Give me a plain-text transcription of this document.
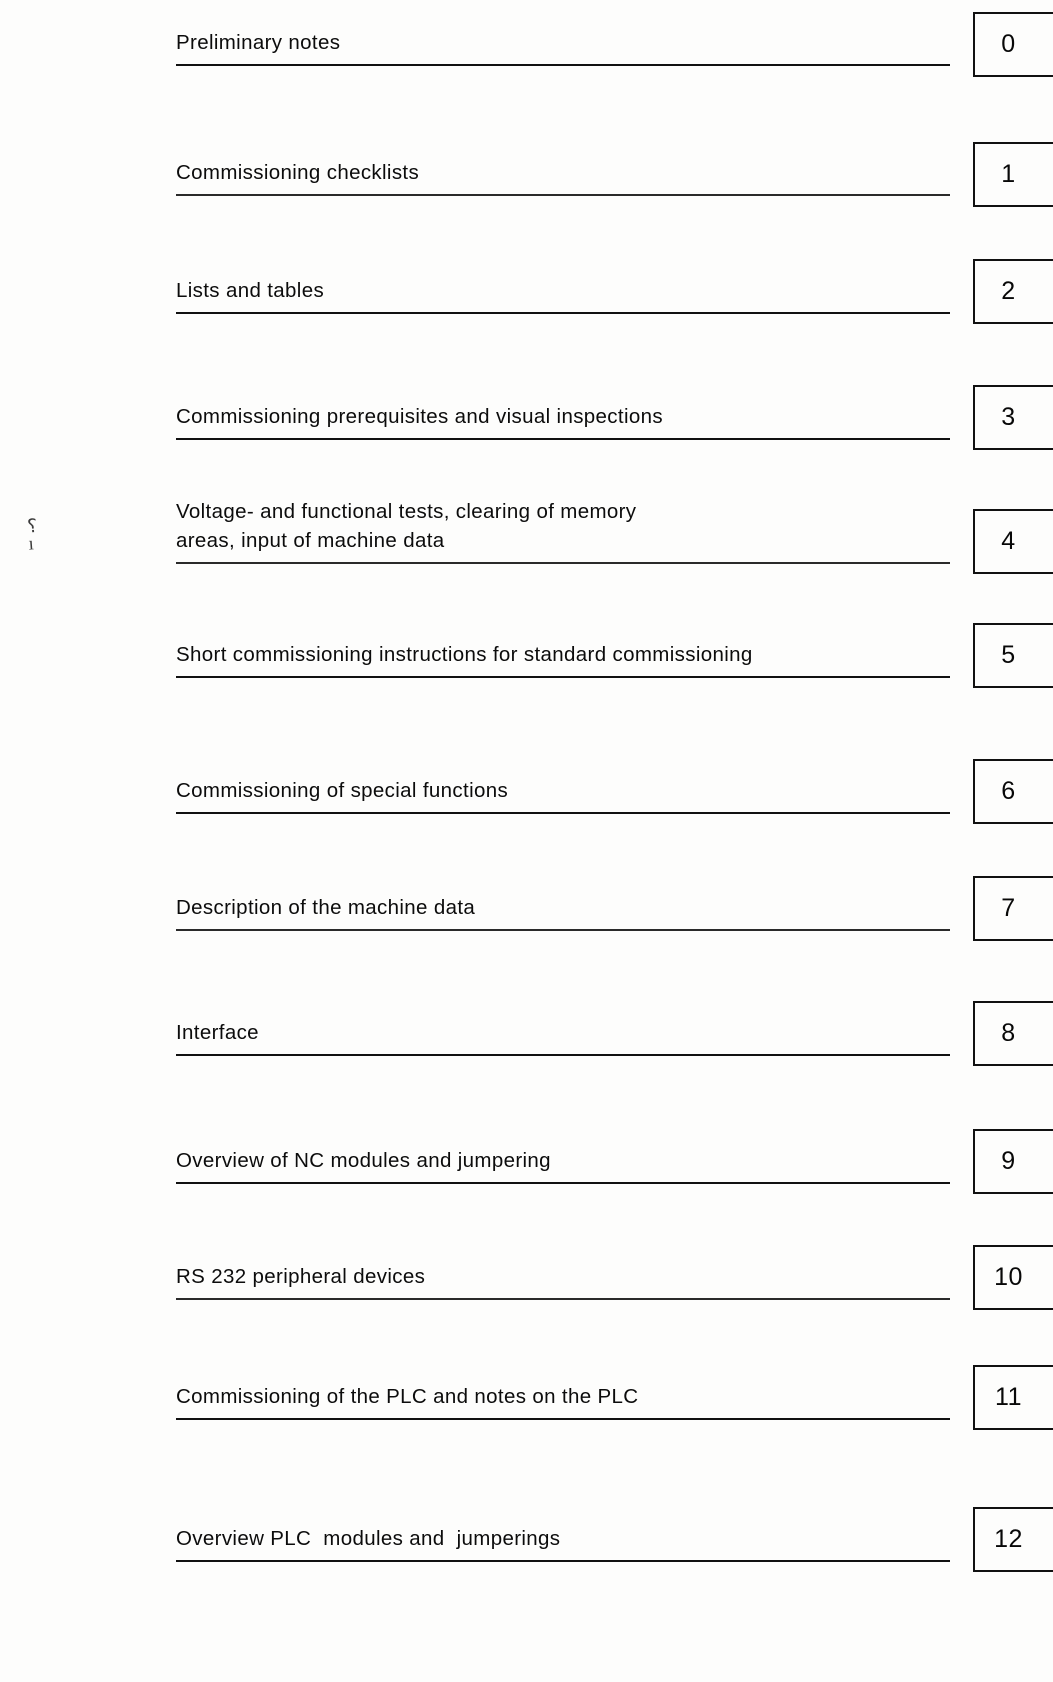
⸮
ı
Preliminary notes	0
Commissioning checklists	1
Lists and tables	2
Commissioning prerequisites and visual inspections	3
Voltage- and functional tests, clearing of memory
areas, input of machine data	4
Short commissioning instructions for standard commissioning	5
Commissioning of special functions	6
Description of the machine data	7
Interface	8
Overview of NC modules and jumpering	9
RS 232 peripheral devices	10
Commissioning of the PLC and notes on the PLC	11
Overview PLC  modules and  jumperings	12
